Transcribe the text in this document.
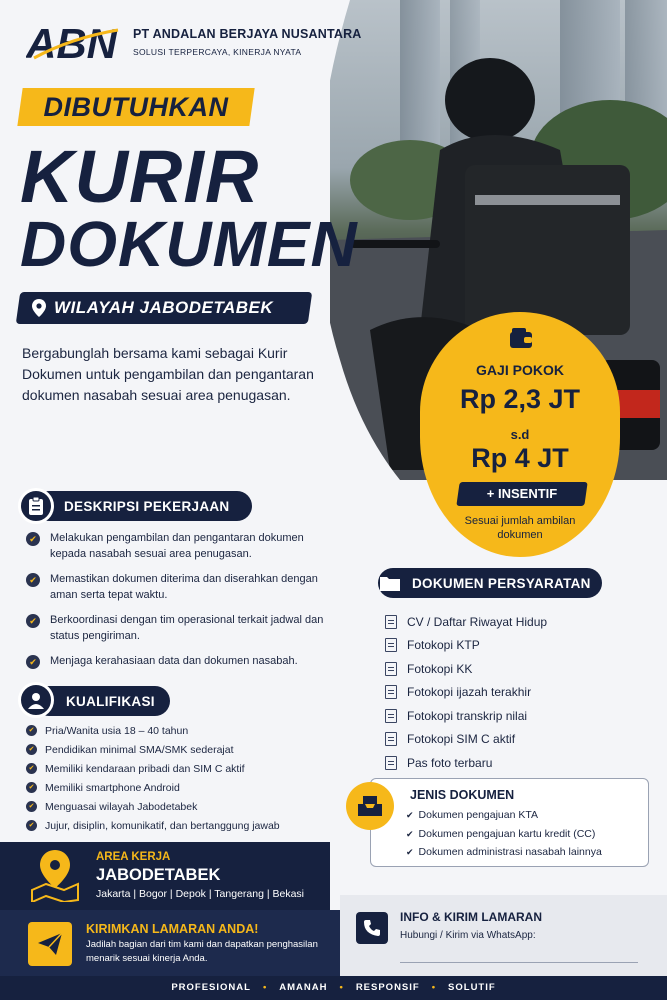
ABN PT ANDALAN BERJAYA NUSANTARA
SOLUSI TERPERCAYA, KINERJA NYATA
DIBUTUHKAN
KURIR
DOKUMEN
WILAYAH JABODETABEK
Bergabunglah bersama kami sebagai Kurir Dokumen untuk pengambilan dan pengantaran dokumen nasabah sesuai area penugasan.
GAJI POKOK
Rp 2,3 JT
s.d
Rp 4 JT
+ INSENTIF
Sesuai jumlah ambilan dokumen
DESKRIPSI PEKERJAAN
✔ Melakukan pengambilan dan pengantaran dokumen kepada nasabah sesuai area penugasan.
✔ Memastikan dokumen diterima dan diserahkan dengan aman serta tepat waktu.
✔ Berkoordinasi dengan tim operasional terkait jadwal dan status pengiriman.
✔ Menjaga kerahasiaan data dan dokumen nasabah.
KUALIFIKASI
✔ Pria/Wanita usia 18 – 40 tahun
✔ Pendidikan minimal SMA/SMK sederajat
✔ Memiliki kendaraan pribadi dan SIM C aktif
✔ Memiliki smartphone Android
✔ Menguasai wilayah Jabodetabek
✔ Jujur, disiplin, komunikatif, dan bertanggung jawab
DOKUMEN PERSYARATAN
CV / Daftar Riwayat Hidup
Fotokopi KTP
Fotokopi KK
Fotokopi ijazah terakhir
Fotokopi transkrip nilai
Fotokopi SIM C aktif
Pas foto terbaru
JENIS DOKUMEN
✔ Dokumen pengajuan KTA
✔ Dokumen pengajuan kartu kredit (CC)
✔ Dokumen administrasi nasabah lainnya
AREA KERJA
JABODETABEK
Jakarta | Bogor | Depok | Tangerang | Bekasi
KIRIMKAN LAMARAN ANDA!
Jadilah bagian dari tim kami dan dapatkan penghasilan menarik sesuai kinerja Anda.
INFO & KIRIM LAMARAN
Hubungi / Kirim via WhatsApp:
PROFESIONAL • AMANAH • RESPONSIF • SOLUTIF
